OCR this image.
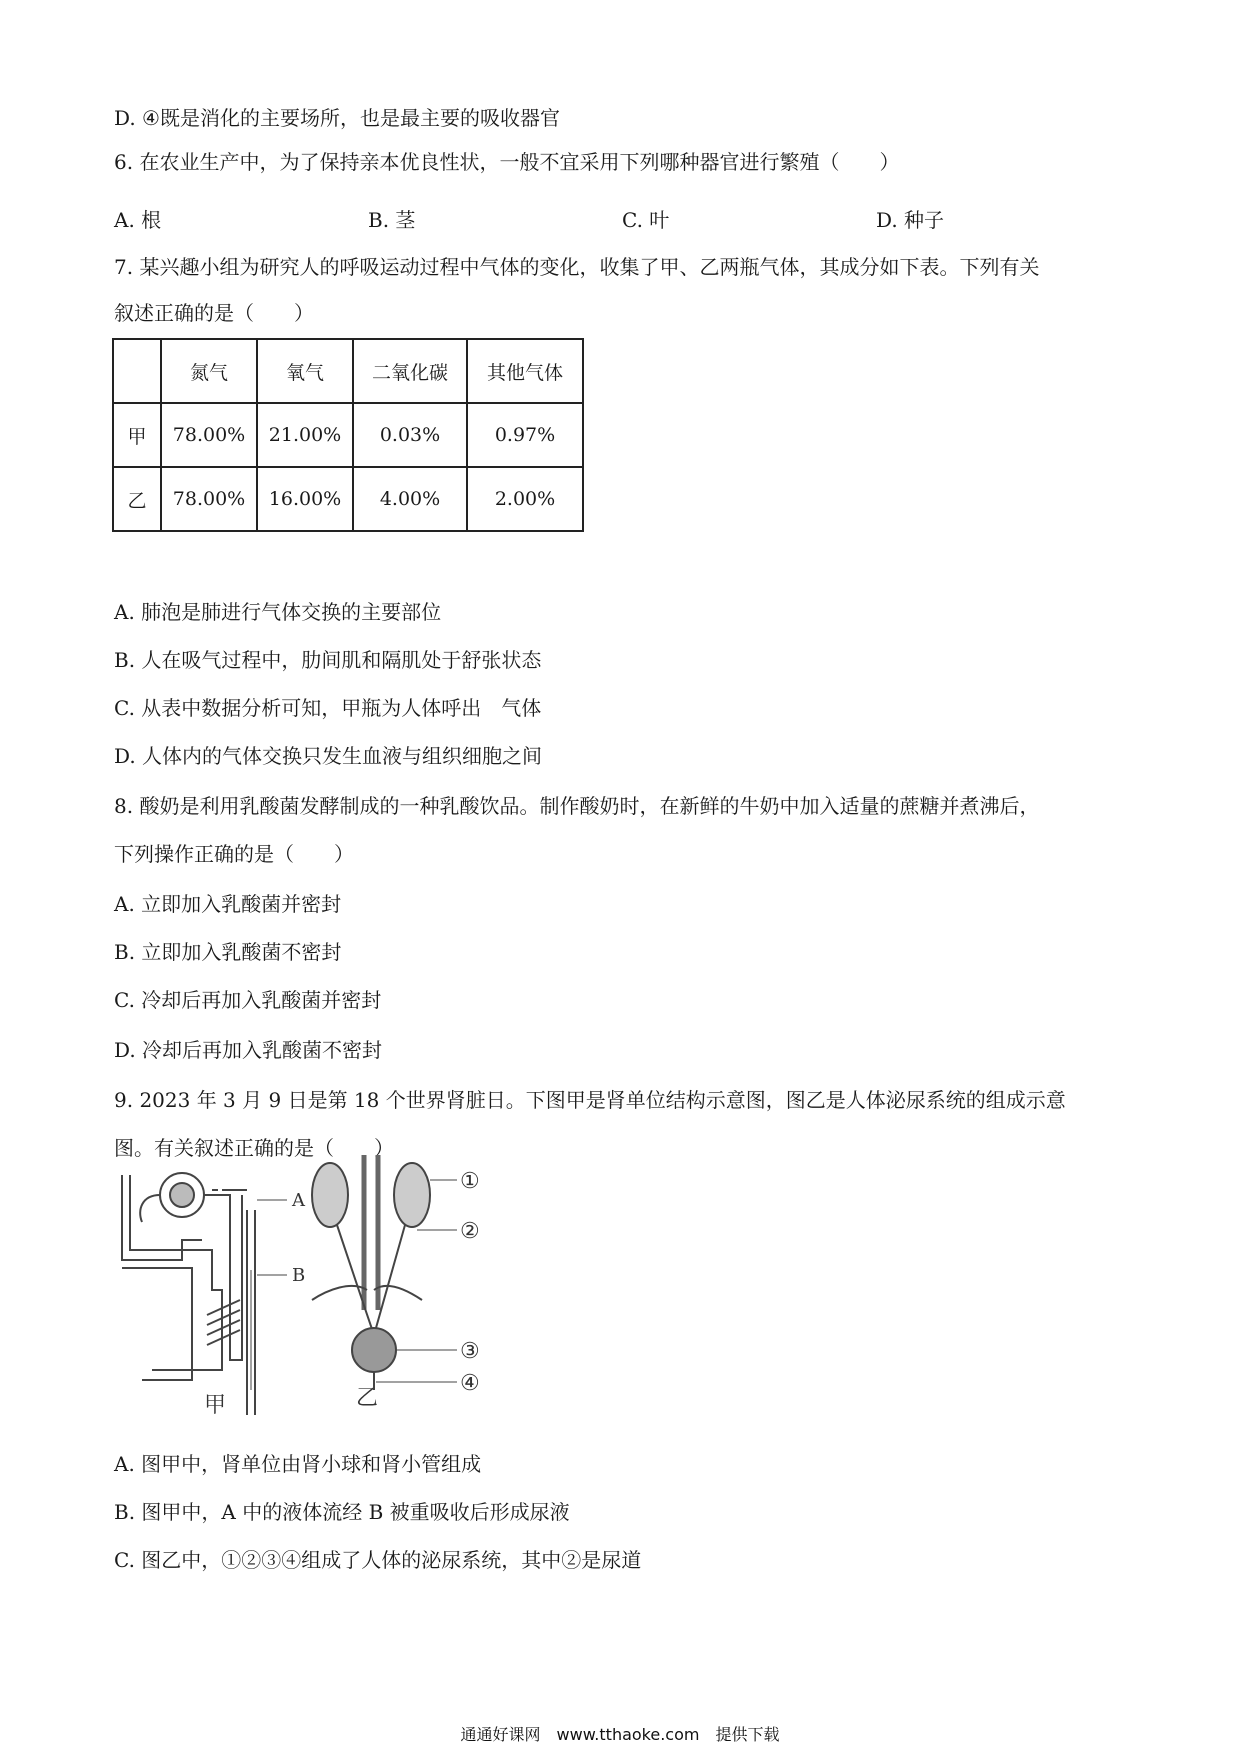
D. ④既是消化的主要场所，也是最主要的吸收器官
6. 在农业生产中，为了保持亲本优良性状，一般不宜采用下列哪种器官进行繁殖（　　）
A. 根	B. 茎	C. 叶	D. 种子
7. 某兴趣小组为研究人的呼吸运动过程中气体的变化，收集了甲、乙两瓶气体，其成分如下表。下列有关
叙述正确的是（　　）
	氮气	氧气	二氧化碳	其他气体
甲	78.00%	21.00%	0.03%	0.97%
乙	78.00%	16.00%	4.00%	2.00%
A. 肺泡是肺进行气体交换的主要部位
B. 人在吸气过程中，肋间肌和隔肌处于舒张状态
C. 从表中数据分析可知，甲瓶为人体呼出　气体
D. 人体内的气体交换只发生血液与组织细胞之间
8. 酸奶是利用乳酸菌发酵制成的一种乳酸饮品。制作酸奶时，在新鲜的牛奶中加入适量的蔗糖并煮沸后，
下列操作正确的是（　　）
A. 立即加入乳酸菌并密封
B. 立即加入乳酸菌不密封
C. 冷却后再加入乳酸菌并密封
D. 冷却后再加入乳酸菌不密封
9. 2023 年 3 月 9 日是第 18 个世界肾脏日。下图甲是肾单位结构示意图，图乙是人体泌尿系统的组成示意
图。有关叙述正确的是（　　）
A
B
甲
①
②
③
④
乙
A. 图甲中，肾单位由肾小球和肾小管组成
B. 图甲中，A 中的液体流经 B 被重吸收后形成尿液
C. 图乙中，①②③④组成了人体的泌尿系统，其中②是尿道
通通好课网　www.tthaoke.com　提供下载
